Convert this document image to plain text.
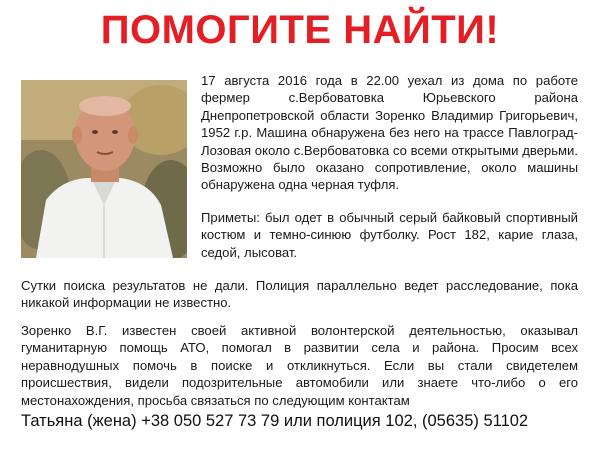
ПОМОГИТЕ НАЙТИ!

17 августа 2016 года в 22.00 уехал из дома по работе фермер с.Вербоватовка Юрьевского района Днепропетровской области Зоренко Владимир Григорьевич, 1952 г.р. Машина обнаружена без него на трассе Павлоград-Лозовая около с.Вербоватовка со всеми открытыми дверьми. Возможно было оказано сопротивление, около машины обнаружена одна черная туфля.

Приметы: был одет в обычный серый байковый спортивный костюм и темно-синюю футболку. Рост 182, карие глаза, седой, лысоват.

Сутки поиска результатов не дали. Полиция параллельно ведет расследование, пока никакой информации не известно.

Зоренко В.Г. известен своей активной волонтерской деятельностью, оказывал гуманитарную помощь АТО, помогал в развитии села и района. Просим всех неравнодушных помочь в поиске и откликнуться. Если вы стали свидетелем происшествия, видели подозрительные автомобили или знаете что-либо о его местонахождения, просьба связаться по следующим контактам

Татьяна (жена) +38 050 527 73 79 или полиция 102, (05635) 51102
